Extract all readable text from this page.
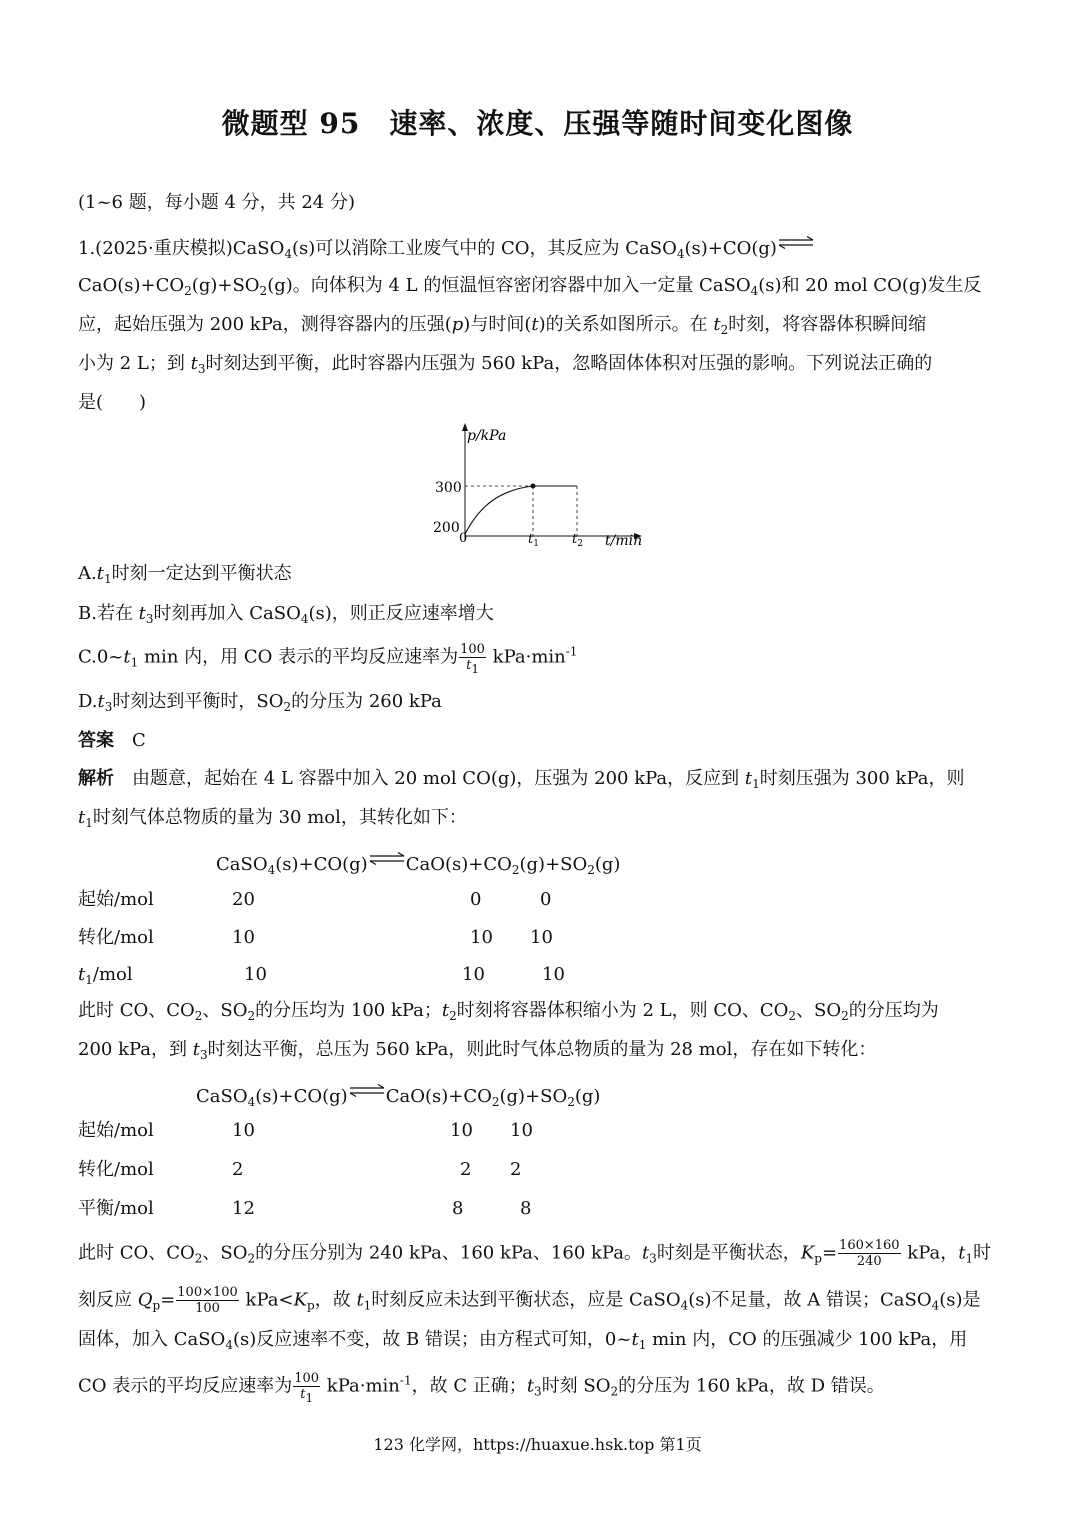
微题型 95　速率、浓度、压强等随时间变化图像
(1~6 题，每小题 4 分，共 24 分)
1.(2025·重庆模拟)CaSO$_4$(s)可以消除工业废气中的 CO，其反应为 CaSO$_4$(s)+CO(g)⇌
$CaO(s)+CO_2(g)+SO_2(g)$。向体积为 4 L 的恒温恒容密闭容器中加入一定量 CaSO$_4$(s)和 20 mol CO(g)发生反
应，起始压强为 200 kPa，测得容器内的压强(p)与时间(t)的关系如图所示。在 $t_2$时刻，将容器体积瞬间缩
小为 2 L；到 $t_3$时刻达到平衡，此时容器内压强为 560 kPa，忽略固体体积对压强的影响。下列说法正确的
是(　　)
p/kPa
200
300
0	$t_1$	$t_2$ t/min
$A.t_1$时刻一定达到平衡状态
B.若在 $t_3$时刻再加入 CaSO$_4$(s)，则正反应速率增大
$C.0\sim t_1$ min 内，用 CO 表示的平均反应速率为 $\frac{100}{t_1} kPa\cdot\min^{-1}$
$D.t_3$时刻达到平衡时，$SO_2$的分压为 260 kPa
答案　 C
解析　 由题意，起始在 4 L 容器中加入 20 mol CO(g)，压强为 200 kPa，反应到 $t_1$时刻压强为 300 kPa，则
$t_1$时刻气体总物质的量为 30 mol，其转化如下：
$CaSO_4(s)+CO(g)\rightleftharpoons CaO(s)+CO_2(g)+SO_2(g)$
起始/mol	20	0	0
转化/mol	10	10 10
$t_1$/mol	10	10	10
此时 CO、$CO_2$、$SO_2$的分压均为 100 kPa；$t_2$时刻将容器体积缩小为 2 L，则 CO、$CO_2$、$SO_2$的分压均为
200 kPa，到 $t_3$时刻达平衡，总压为 560 kPa，则此时气体总物质的量为 28 mol，存在如下转化：
$CaSO_4(s)+CO(g)\rightleftharpoons CaO(s)+CO_2(g)+SO_2(g)$
起始/mol	10	10 10
转化/mol	2	2 2
平衡/mol	12	8	8
此时 CO、$CO_2$、$SO_2$的分压分别为 240 kPa、160 kPa、160 kPa。$t_3$时刻是平衡状态，$K_p= \frac{160\times 160}{240}$ kPa，$t_1$时
刻反应 $Q_p= \frac{100\times 100}{100} kPa<K_p$，故 $t_1$时刻反应未达到平衡状态，应是 CaSO$_4$(s)不足量，故 A 错误；CaSO$_4$(s)是
固体，加入 CaSO$_4$(s)反应速率不变，故 B 错误；由方程式可知，$0\sim t_1$ min 内，CO 的压强减少 100 kPa，用
CO 表示的平均反应速率为 $\frac{100}{t_1} kPa\cdot\min^{-1}$，故 C 正确；$t_3$时刻 $SO_2$的分压为 160 kPa，故 D 错误。
123 化学网，https://huaxue.hsk.top 第1页
